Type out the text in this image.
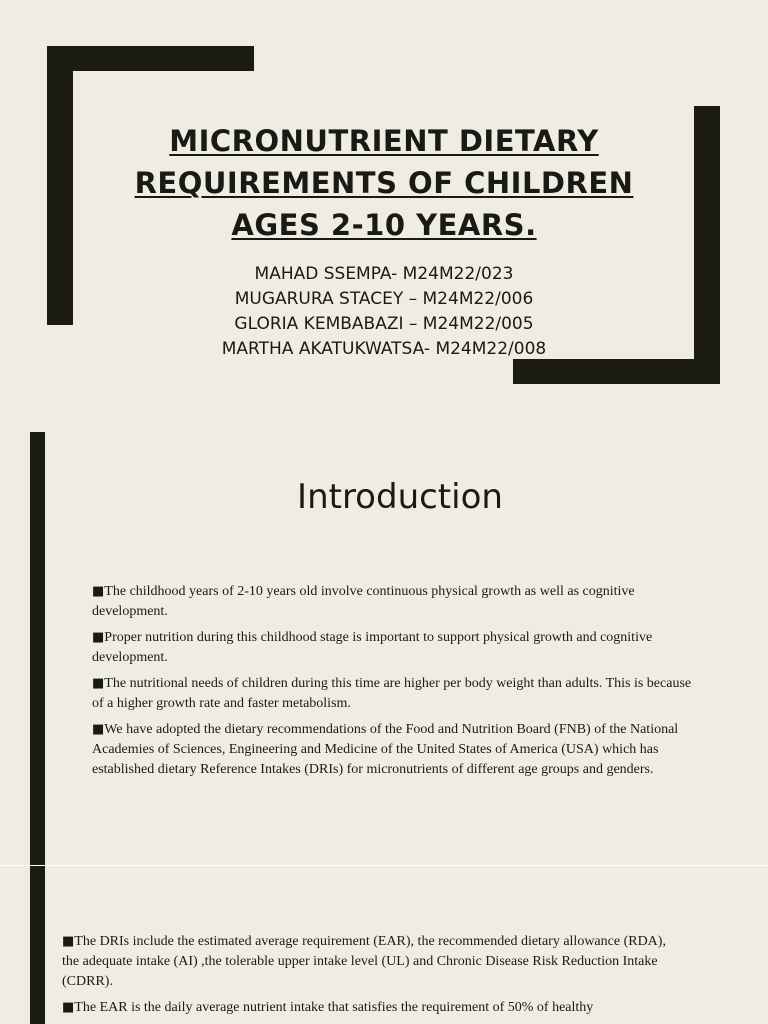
MICRONUTRIENT DIETARY
REQUIREMENTS OF CHILDREN
AGES 2-10 YEARS.
MAHAD SSEMPA- M24M22/023
MUGARURA STACEY – M24M22/006
GLORIA KEMBABAZI – M24M22/005
MARTHA AKATUKWATSA- M24M22/008
Introduction

■The childhood years of 2-10 years old involve continuous physical growth as well as cognitive development.

■Proper nutrition during this childhood stage is important to support physical growth and cognitive development.

■The nutritional needs of children during this time are higher per body weight than adults. This is because of a higher growth rate and faster metabolism.

■We have adopted the dietary recommendations of the Food and Nutrition Board (FNB) of the National Academies of Sciences, Engineering and Medicine of the United States of America (USA) which has established dietary Reference Intakes (DRIs) for micronutrients of different age groups and genders.

■The DRIs include the estimated average requirement (EAR), the recommended dietary allowance (RDA), the adequate intake (AI) ,the tolerable upper intake level (UL) and Chronic Disease Risk Reduction Intake (CDRR).

■The EAR is the daily average nutrient intake that satisfies the requirement of 50% of healthy
